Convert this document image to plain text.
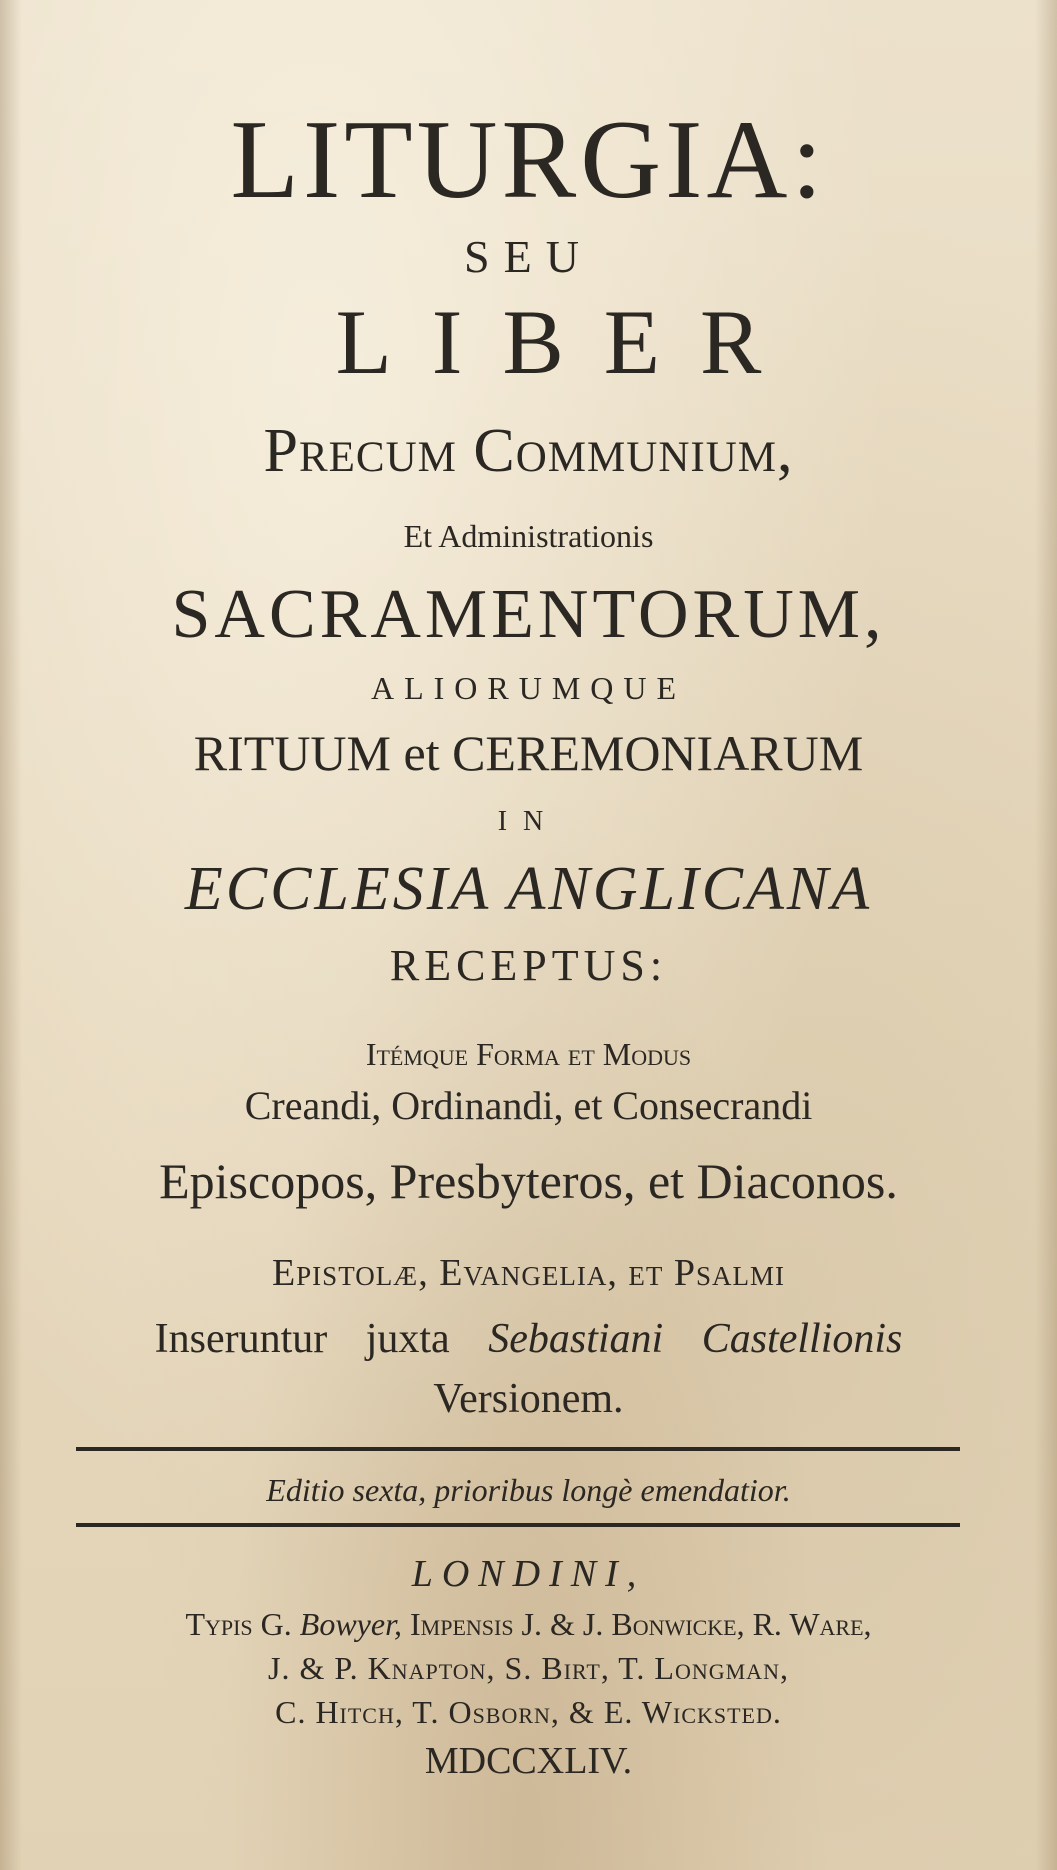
LITURGIA:
SEU
LIBER
Precum Communium,
Et Administrationis
SACRAMENTORUM,
ALIORUMQUE
RITUUM et CEREMONIARUM
IN
ECCLESIA ANGLICANA
RECEPTUS:
Itémque Forma et Modus
Creandi, Ordinandi, et Consecrandi
Episcopos, Presbyteros, et Diaconos.
Epistolæ, Evangelia, et Psalmi
Inseruntur juxta Sebastiani Castellionis
Versionem.
Editio sexta, prioribus longè emendatior.
LONDINI,
Typis G. Bowyer, Impensis J. & J. Bonwicke, R. Ware,
J. & P. Knapton, S. Birt, T. Longman,
C. Hitch, T. Osborn, & E. Wicksted.
MDCCXLIV.
